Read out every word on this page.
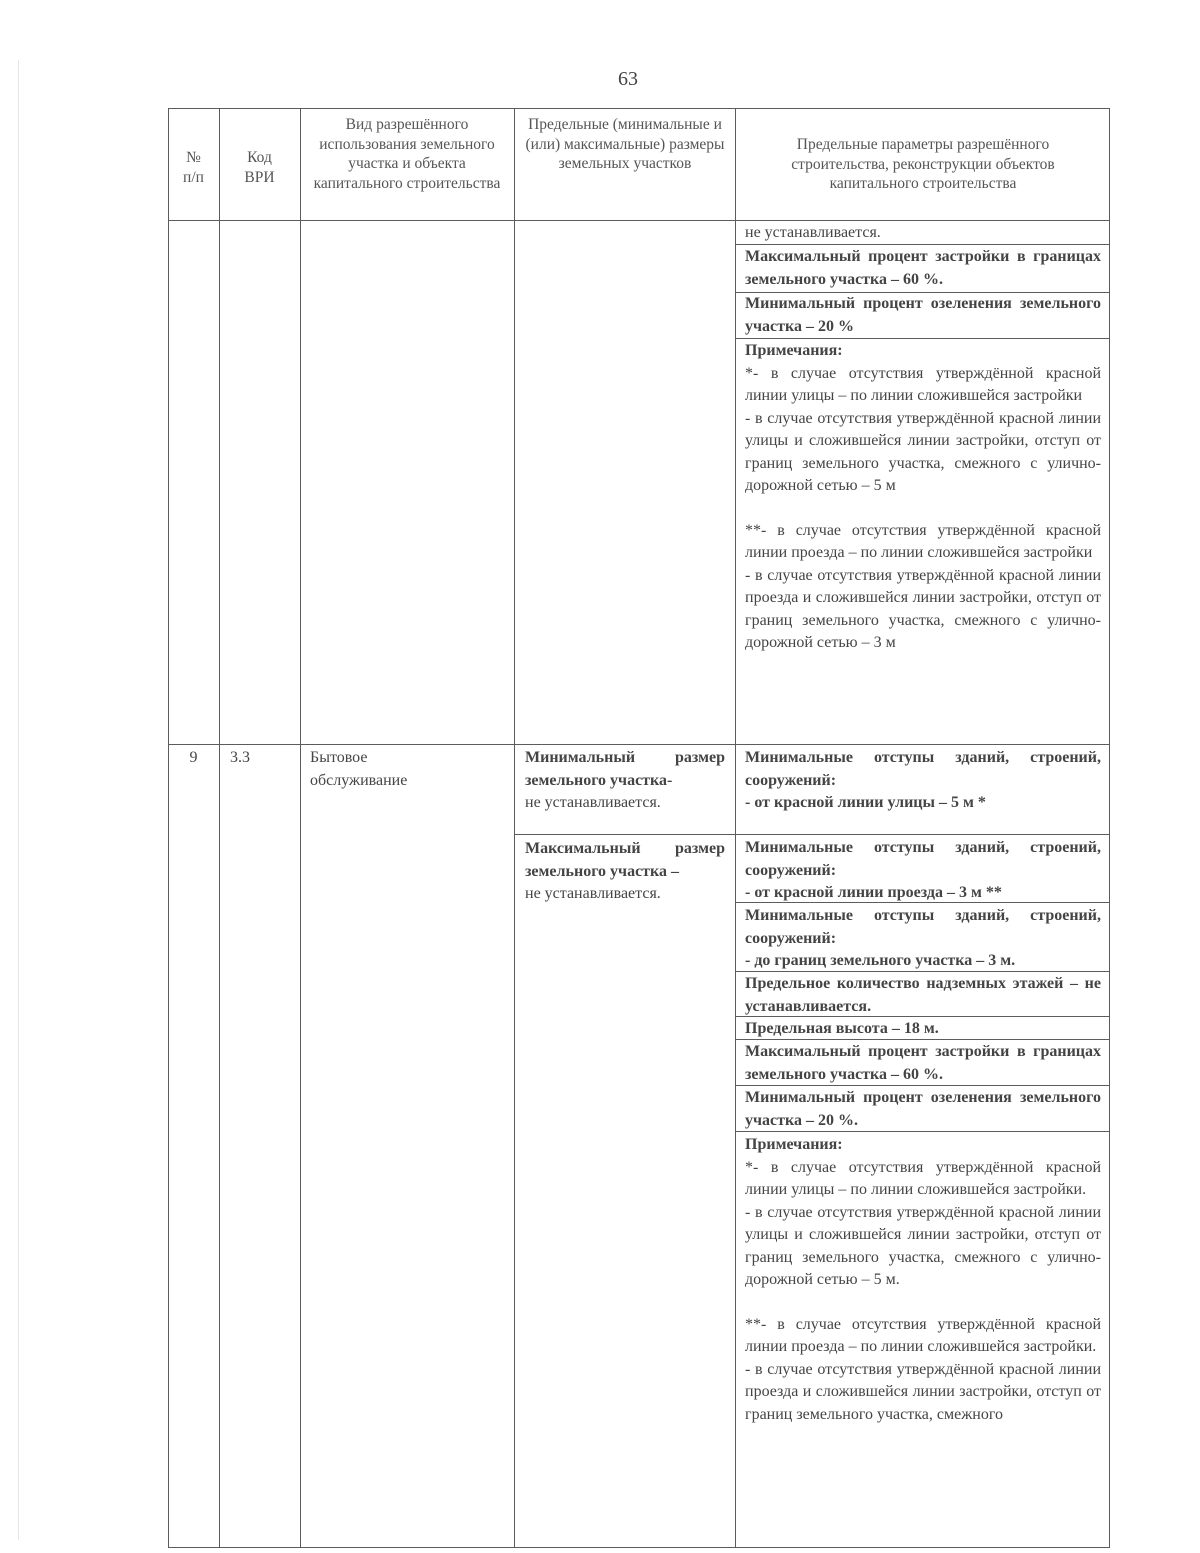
63
№
п/п
Код
ВРИ
Вид разрешённого использования земельного участка и объекта капитального строительства
Предельные (минимальные и (или) максимальные) размеры земельных участков
Предельные параметры разрешённого строительства, реконструкции объектов капитального строительства
не устанавливается.
Максимальный процент застройки в границах земельного участка – 60 %.
Минимальный процент озеленения земельного участка – 20 %
Примечания:
*- в случае отсутствия утверждённой красной линии улицы – по линии сложившейся застройки
- в случае отсутствия утверждённой красной линии улицы и сложившейся линии застройки, отступ от границ земельного участка, смежного с улично-дорожной сетью – 5 м
**- в случае отсутствия утверждённой красной линии проезда – по линии сложившейся застройки
- в случае отсутствия утверждённой красной линии проезда и сложившейся линии застройки, отступ от границ земельного участка, смежного с улично-дорожной сетью – 3 м
9	3.3	Бытовое обслуживание
Минимальный размер земельного участка-
не устанавливается.
Максимальный размер земельного участка –
не устанавливается.
Минимальные отступы зданий, строений, сооружений:
- от красной линии улицы – 5 м *
Минимальные отступы зданий, строений, сооружений:
- от красной линии проезда – 3 м **
Минимальные отступы зданий, строений, сооружений:
- до границ земельного участка – 3 м.
Предельное количество надземных этажей – не устанавливается.
Предельная высота – 18 м.
Максимальный процент застройки в границах земельного участка – 60 %.
Минимальный процент озеленения земельного участка – 20 %.
Примечания:
*- в случае отсутствия утверждённой красной линии улицы – по линии сложившейся застройки.
- в случае отсутствия утверждённой красной линии улицы и сложившейся линии застройки, отступ от границ земельного участка, смежного с улично-дорожной сетью – 5 м.
**- в случае отсутствия утверждённой красной линии проезда – по линии сложившейся застройки.
- в случае отсутствия утверждённой красной линии проезда и сложившейся линии застройки, отступ от границ земельного участка, смежного
